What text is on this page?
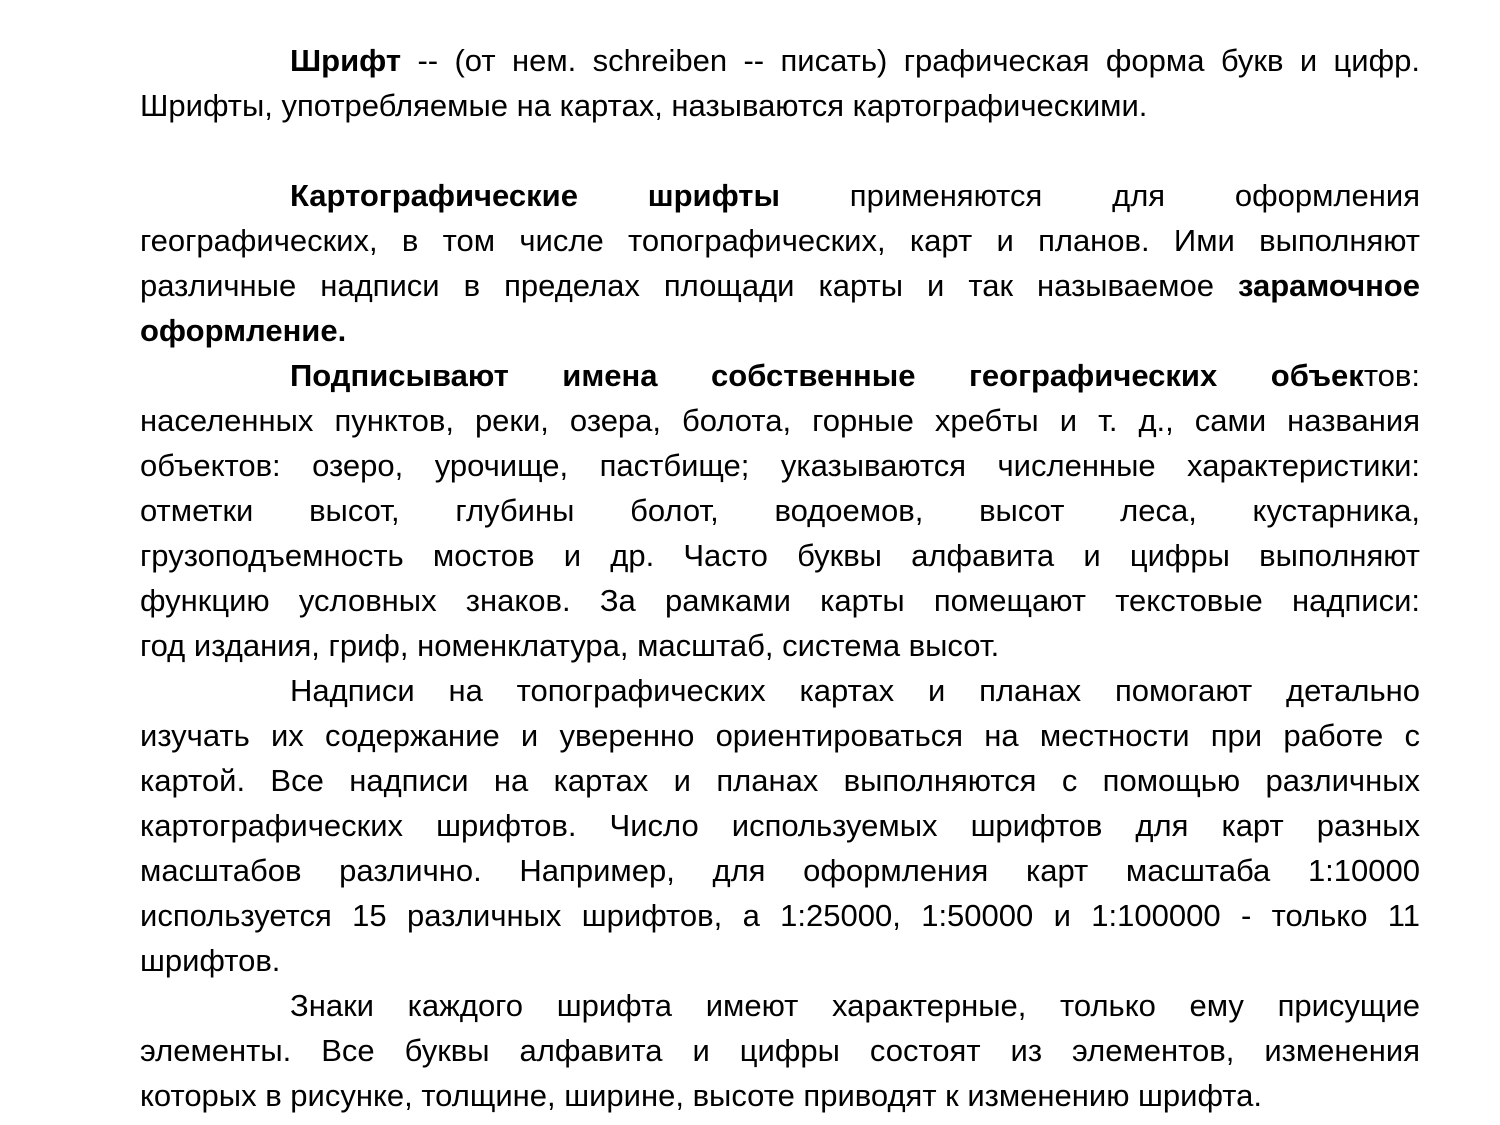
Шрифт -- (от нем. schreiben -- писать) графическая форма букв и цифр.
Шрифты, употребляемые на картах, называются картографическими.
Картографические шрифты применяются для оформления
географических, в том числе топографических, карт и планов. Ими выполняют
различные надписи в пределах площади карты и так называемое зарамочное
оформление.
Подписывают имена собственные географических объектов:
населенных пунктов, реки, озера, болота, горные хребты и т. д., сами названия
объектов: озеро, урочище, пастбище; указываются численные характеристики:
отметки высот, глубины болот, водоемов, высот леса, кустарника,
грузоподъемность мостов и др. Часто буквы алфавита и цифры выполняют
функцию условных знаков. За рамками карты помещают текстовые надписи:
год издания, гриф, номенклатура, масштаб, система высот.
Надписи на топографических картах и планах помогают детально
изучать их содержание и уверенно ориентироваться на местности при работе с
картой. Все надписи на картах и планах выполняются с помощью различных
картографических шрифтов. Число используемых шрифтов для карт разных
масштабов различно. Например, для оформления карт масштаба 1:10000
используется 15 различных шрифтов, а 1:25000, 1:50000 и 1:100000 - только 11
шрифтов.
Знаки каждого шрифта имеют характерные, только ему присущие
элементы. Все буквы алфавита и цифры состоят из элементов, изменения
которых в рисунке, толщине, ширине, высоте приводят к изменению шрифта.
